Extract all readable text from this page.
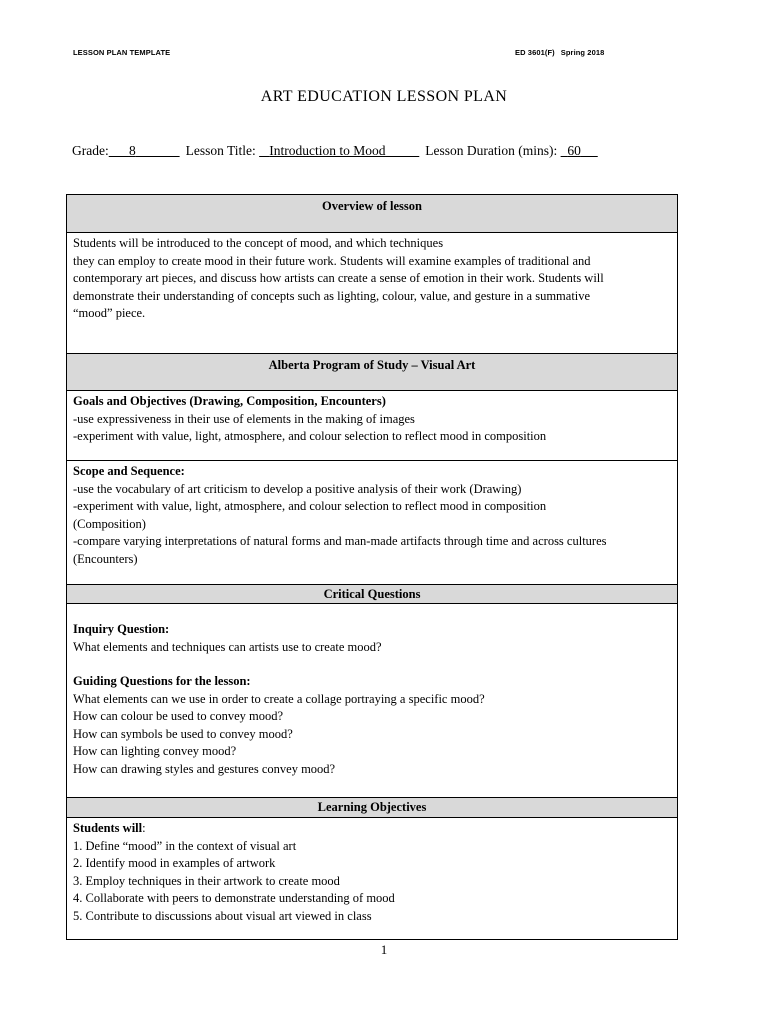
LESSON PLAN TEMPLATE	ED 3601(F) Spring 2018
ART EDUCATION LESSON PLAN
Grade: 8	Lesson Title: Introduction to Mood	Lesson Duration (mins): 60
Overview of lesson
Students will be introduced to the concept of mood, and which techniques
they can employ to create mood in their future work. Students will examine examples of traditional and
contemporary art pieces, and discuss how artists can create a sense of emotion in their work. Students will
demonstrate their understanding of concepts such as lighting, colour, value, and gesture in a summative
“mood” piece.
Alberta Program of Study – Visual Art
Goals and Objectives (Drawing, Composition, Encounters)
-use expressiveness in their use of elements in the making of images
-experiment with value, light, atmosphere, and colour selection to reflect mood in composition
Scope and Sequence:
-use the vocabulary of art criticism to develop a positive analysis of their work (Drawing)
-experiment with value, light, atmosphere, and colour selection to reflect mood in composition
(Composition)
-compare varying interpretations of natural forms and man-made artifacts through time and across cultures
(Encounters)
Critical Questions
Inquiry Question:
What elements and techniques can artists use to create mood?
Guiding Questions for the lesson:
What elements can we use in order to create a collage portraying a specific mood?
How can colour be used to convey mood?
How can symbols be used to convey mood?
How can lighting convey mood?
How can drawing styles and gestures convey mood?
Learning Objectives
Students will:
1. Define “mood” in the context of visual art
2. Identify mood in examples of artwork
3. Employ techniques in their artwork to create mood
4. Collaborate with peers to demonstrate understanding of mood
5. Contribute to discussions about visual art viewed in class
1
